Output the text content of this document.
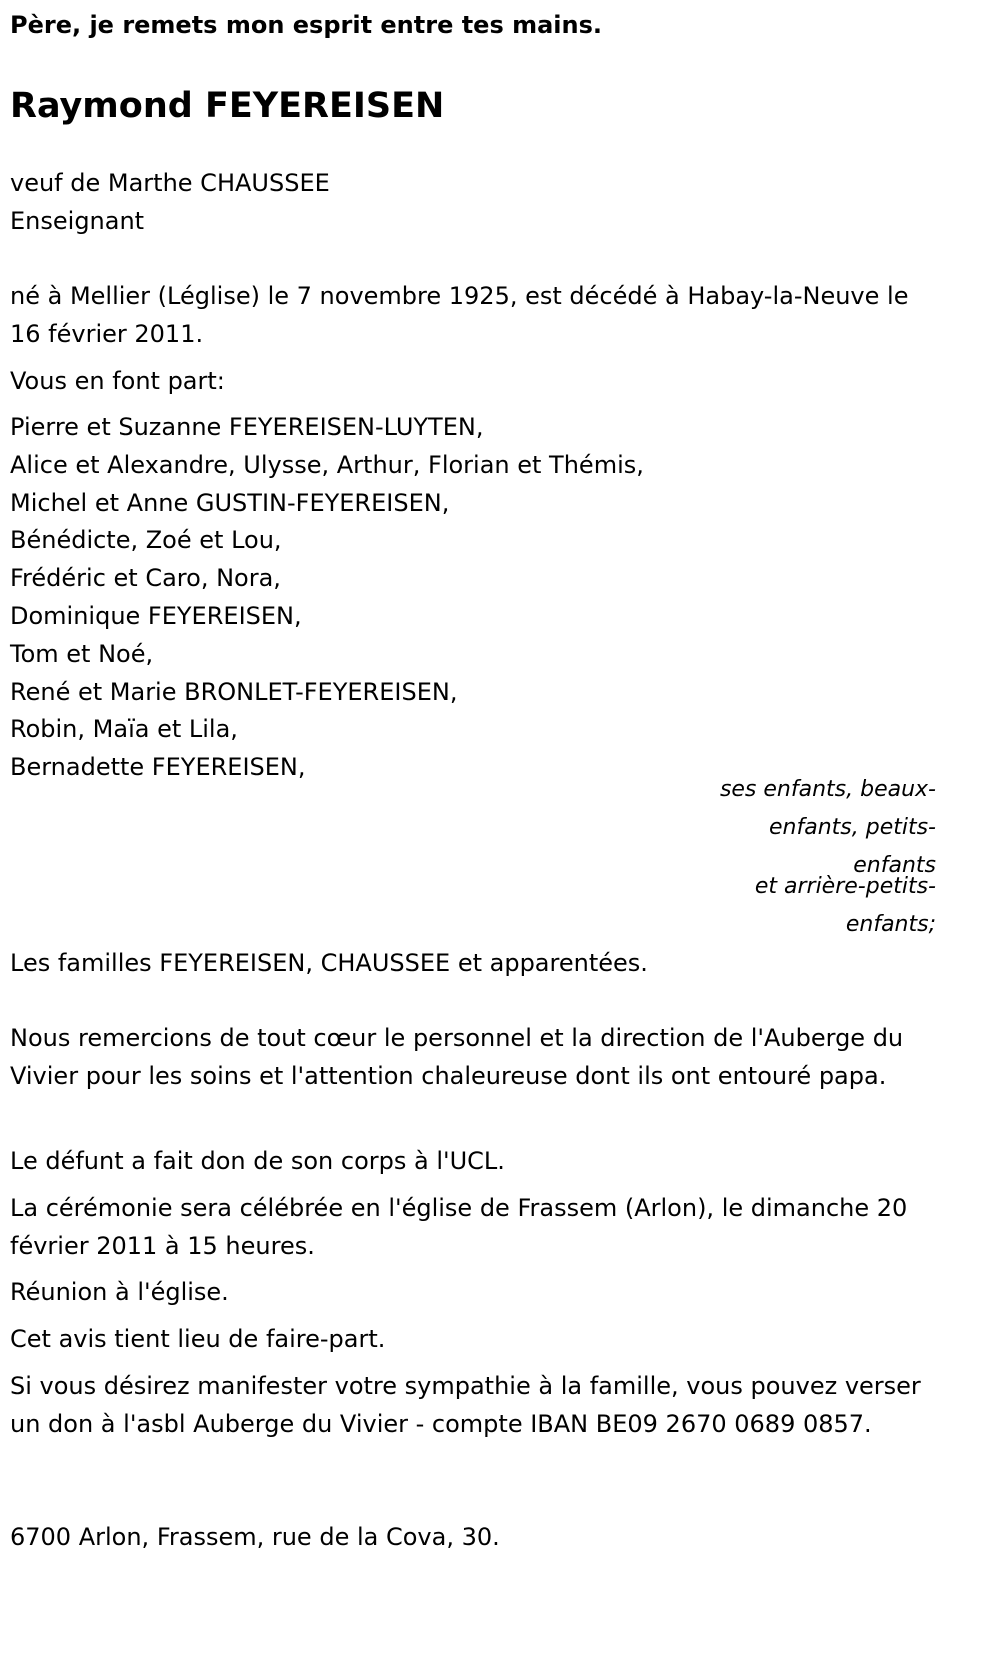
Père, je remets mon esprit entre tes mains.

Raymond FEYEREISEN

veuf de Marthe CHAUSSEE

Enseignant

né à Mellier (Léglise) le 7 novembre 1925, est décédé à Habay-la-Neuve le

16 février 2011.

Vous en font part:

Pierre et Suzanne FEYEREISEN-LUYTEN,
Alice et Alexandre, Ulysse, Arthur, Florian et Thémis,
Michel et Anne GUSTIN-FEYEREISEN,
Bénédicte, Zoé et Lou,
Frédéric et Caro, Nora,
Dominique FEYEREISEN,
Tom et Noé,
René et Marie BRONLET-FEYEREISEN,
Robin, Maïa et Lila,
Bernadette FEYEREISEN,

ses enfants, beaux-

enfants, petits-

enfants

et arrière-petits-

enfants;

Les familles FEYEREISEN, CHAUSSEE et apparentées.

Nous remercions de tout cœur le personnel et la direction de l'Auberge du Vivier pour les soins et l'attention chaleureuse dont ils ont entouré papa.

Le défunt a fait don de son corps à l'UCL.

La cérémonie sera célébrée en l'église de Frassem (Arlon), le dimanche 20 février 2011 à 15 heures.

Réunion à l'église.

Cet avis tient lieu de faire-part.

Si vous désirez manifester votre sympathie à la famille, vous pouvez verser un don à l'asbl Auberge du Vivier - compte IBAN BE09 2670 0689 0857.

6700 Arlon, Frassem, rue de la Cova, 30.
